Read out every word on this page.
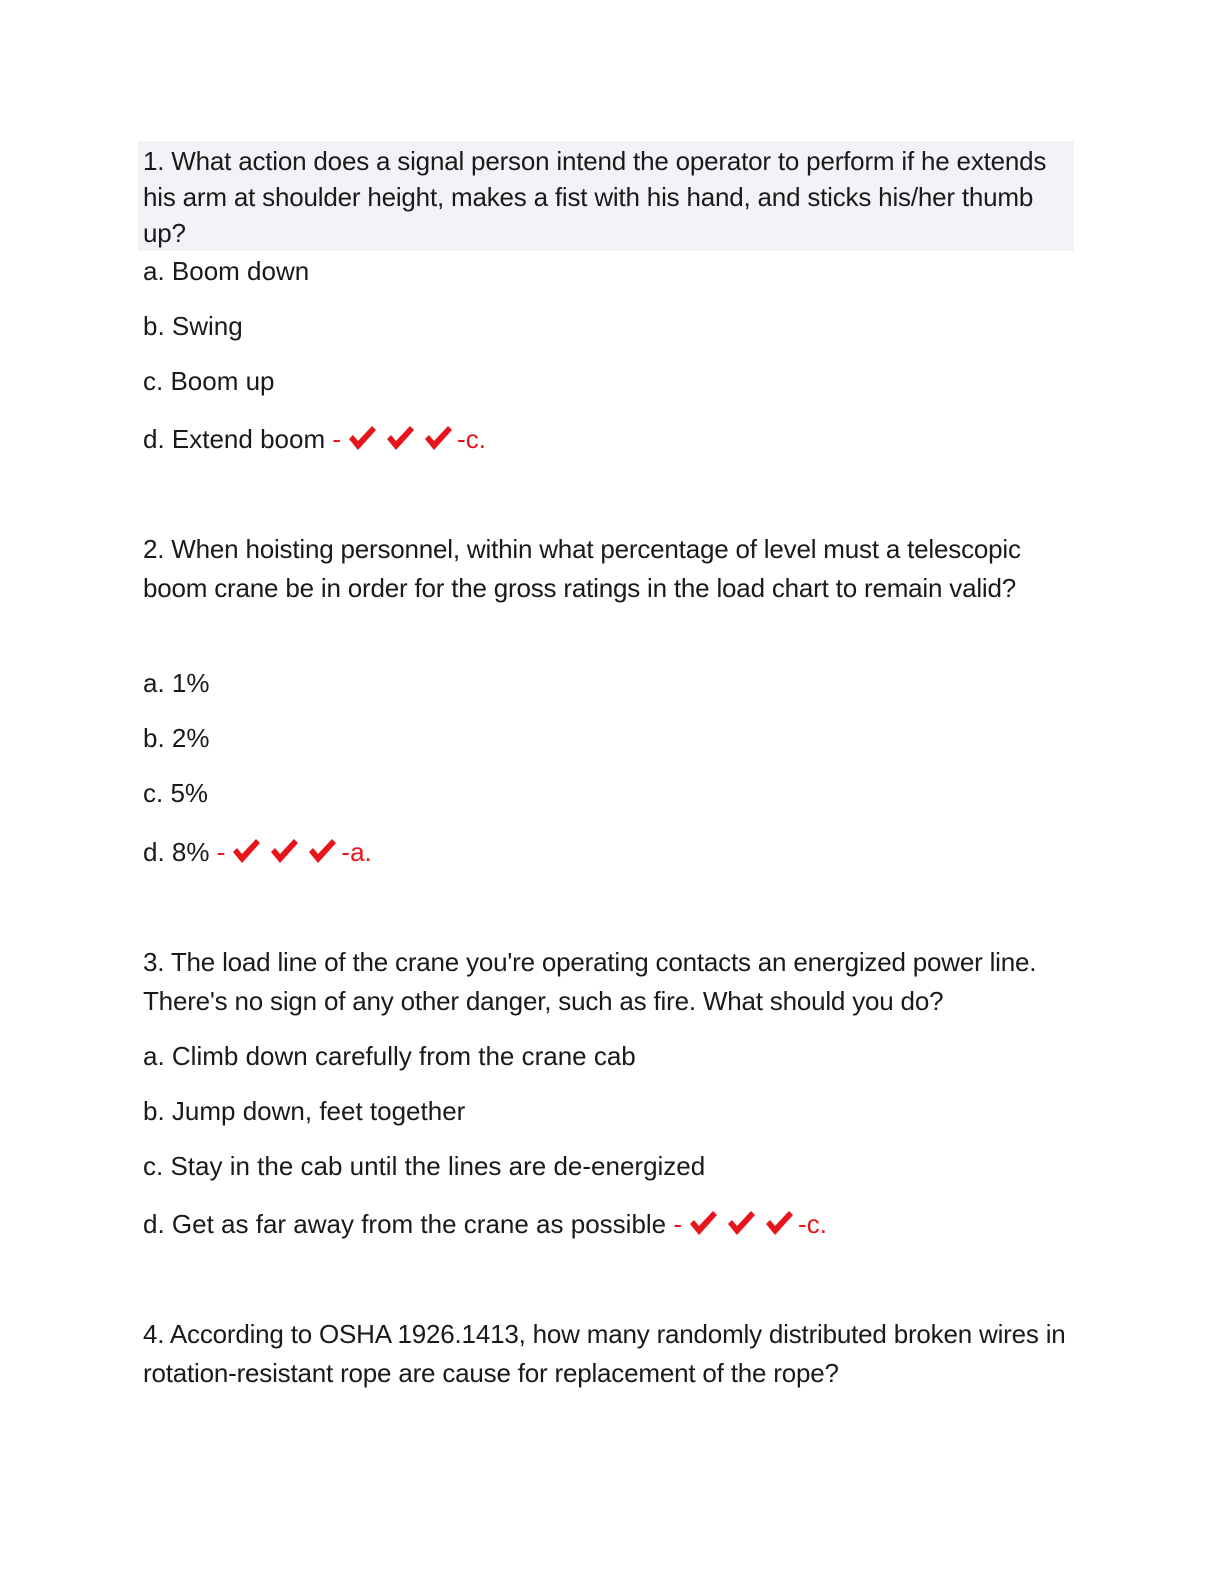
1. What action does a signal person intend the operator to perform if he extends his arm at shoulder height, makes a fist with his hand, and sticks his/her thumb up?

a. Boom down
b. Swing
c. Boom up
d. Extend boom -	-c.

2. When hoisting personnel, within what percentage of level must a telescopic boom crane be in order for the gross ratings in the load chart to remain valid?

a. 1%
b. 2%
c. 5%
d. 8% -	-a.

3. The load line of the crane you're operating contacts an energized power line. There's no sign of any other danger, such as fire. What should you do?

a. Climb down carefully from the crane cab
b. Jump down, feet together
c. Stay in the cab until the lines are de-energized
d. Get as far away from the crane as possible -	-c.

4. According to OSHA 1926.1413, how many randomly distributed broken wires in rotation-resistant rope are cause for replacement of the rope?
